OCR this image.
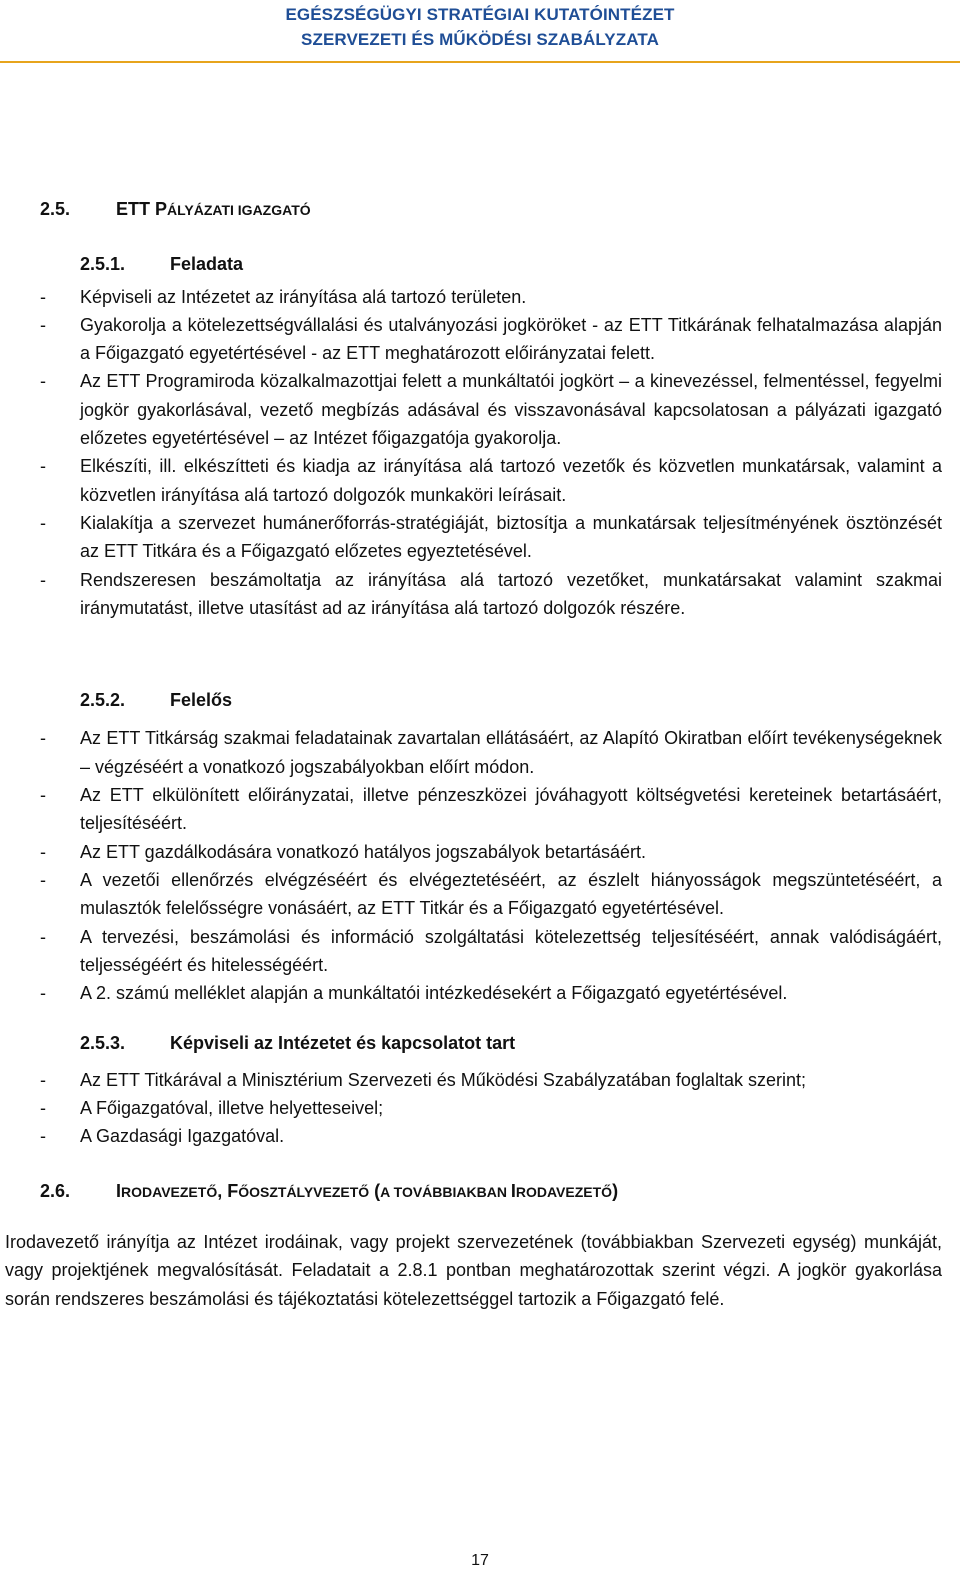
EGÉSZSÉGÜGYI STRATÉGIAI KUTATÓINTÉZET
SZERVEZETI ÉS MŰKÖDÉSI SZABÁLYZATA
2.5.	ETT PÁLYÁZATI IGAZGATÓ
2.5.1. Feladata
- Képviseli az Intézetet az irányítása alá tartozó területen.
- Gyakorolja a kötelezettségvállalási és utalványozási jogköröket - az ETT Titkárának felhatalmazása alapján a Főigazgató egyetértésével - az ETT meghatározott előirányzatai felett.
- Az ETT Programiroda közalkalmazottjai felett a munkáltatói jogkört – a kinevezéssel, felmentéssel, fegyelmi jogkör gyakorlásával, vezető megbízás adásával és visszavonásával kapcsolatosan a pályázati igazgató előzetes egyetértésével – az Intézet főigazgatója gyakorolja.
- Elkészíti, ill. elkészítteti és kiadja az irányítása alá tartozó vezetők és közvetlen munkatársak, valamint a közvetlen irányítása alá tartozó dolgozók munkaköri leírásait.
- Kialakítja a szervezet humánerőforrás-stratégiáját, biztosítja a munkatársak teljesítményének ösztönzését az ETT Titkára és a Főigazgató előzetes egyeztetésével.
- Rendszeresen beszámoltatja az irányítása alá tartozó vezetőket, munkatársakat valamint szakmai iránymutatást, illetve utasítást ad az irányítása alá tartozó dolgozók részére.
2.5.2. Felelős
- Az ETT Titkárság szakmai feladatainak zavartalan ellátásáért, az Alapító Okiratban előírt tevékenységeknek – végzéséért a vonatkozó jogszabályokban előírt módon.
- Az ETT elkülönített előirányzatai, illetve pénzeszközei jóváhagyott költségvetési kereteinek betartásáért, teljesítéséért.
- Az ETT gazdálkodására vonatkozó hatályos jogszabályok betartásáért.
- A vezetői ellenőrzés elvégzéséért és elvégeztetéséért, az észlelt hiányosságok megszüntetéséért, a mulasztók felelősségre vonásáért, az ETT Titkár és a Főigazgató egyetértésével.
- A tervezési, beszámolási és információ szolgáltatási kötelezettség teljesítéséért, annak valódiságáért, teljességéért és hitelességéért.
- A 2. számú melléklet alapján a munkáltatói intézkedésekért a Főigazgató egyetértésével.
2.5.3. Képviseli az Intézetet és kapcsolatot tart
- Az ETT Titkárával a Minisztérium Szervezeti és Működési Szabályzatában foglaltak szerint;
- A Főigazgatóval, illetve helyetteseivel;
- A Gazdasági Igazgatóval.
2.6.	IRODAVEZETŐ, FŐOSZTÁLYVEZETŐ (A TOVÁBBIAKBAN IRODAVEZETŐ)
Irodavezető irányítja az Intézet irodáinak, vagy projekt szervezetének (továbbiakban Szervezeti egység) munkáját, vagy projektjének megvalósítását. Feladatait a 2.8.1 pontban meghatározottak szerint végzi. A jogkör gyakorlása során rendszeres beszámolási és tájékoztatási kötelezettséggel tartozik a Főigazgató felé.
17
